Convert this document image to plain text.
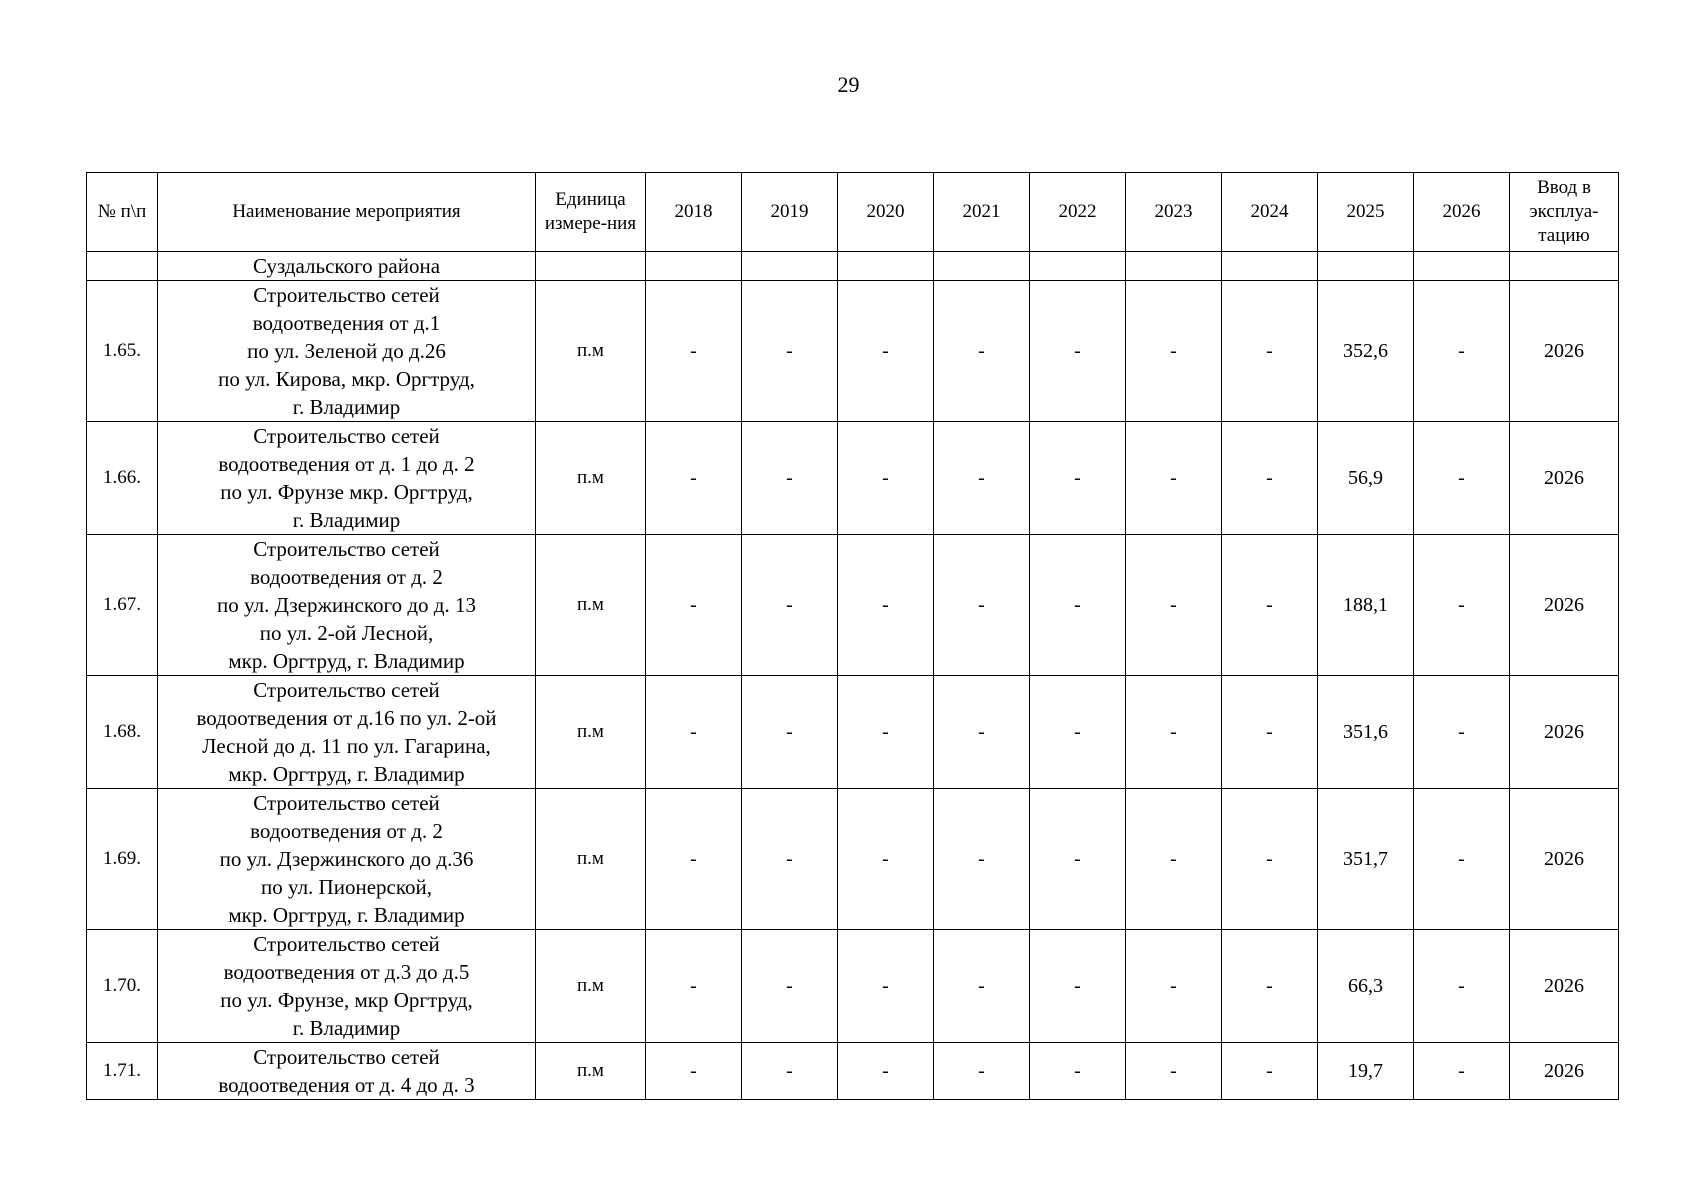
29
№ п\п	Наименование мероприятия	Единица измере-ния	2018	2019	2020	2021	2022	2023	2024	2025	2026	Ввод в эксплуа-тацию
	Суздальского района											
1.65.	Строительство сетей
водоотведения от д.1
по ул. Зеленой до д.26
по ул. Кирова, мкр. Оргтруд,
г. Владимир	п.м	-	-	-	-	-	-	-	352,6	-	2026
1.66.	Строительство сетей
водоотведения от д. 1 до д. 2
по ул. Фрунзе мкр. Оргтруд,
г. Владимир	п.м	-	-	-	-	-	-	-	56,9	-	2026
1.67.	Строительство сетей
водоотведения от д. 2
по ул. Дзержинского до д. 13
по ул. 2-ой Лесной,
мкр. Оргтруд, г. Владимир	п.м	-	-	-	-	-	-	-	188,1	-	2026
1.68.	Строительство сетей
водоотведения от д.16 по ул. 2-ой
Лесной до д. 11 по ул. Гагарина,
мкр. Оргтруд, г. Владимир	п.м	-	-	-	-	-	-	-	351,6	-	2026
1.69.	Строительство сетей
водоотведения от д. 2
по ул. Дзержинского до д.36
по ул. Пионерской,
мкр. Оргтруд, г. Владимир	п.м	-	-	-	-	-	-	-	351,7	-	2026
1.70.	Строительство сетей
водоотведения от д.3 до д.5
по ул. Фрунзе, мкр Оргтруд,
г. Владимир	п.м	-	-	-	-	-	-	-	66,3	-	2026
1.71.	Строительство сетей
водоотведения от д. 4 до д. 3	п.м	-	-	-	-	-	-	-	19,7	-	2026
